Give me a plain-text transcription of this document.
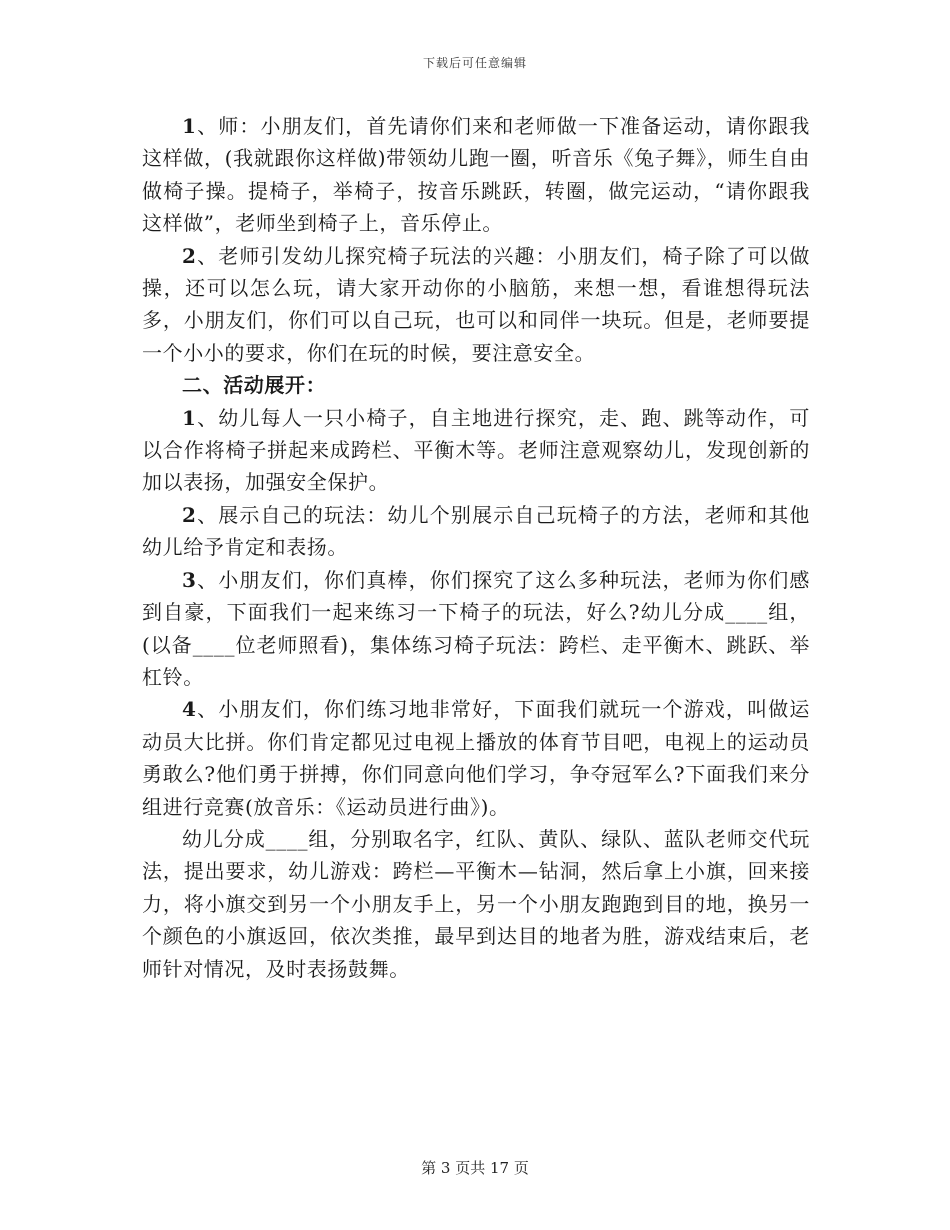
下载后可任意编辑

1、师：小朋友们，首先请你们来和老师做一下准备运动，请你跟我这样做，(我就跟你这样做)带领幼儿跑一圈，听音乐《兔子舞》，师生自由做椅子操。提椅子，举椅子，按音乐跳跃，转圈，做完运动，“请你跟我这样做”，老师坐到椅子上，音乐停止。

2、老师引发幼儿探究椅子玩法的兴趣：小朋友们，椅子除了可以做操，还可以怎么玩，请大家开动你的小脑筋，来想一想，看谁想得玩法多，小朋友们，你们可以自己玩，也可以和同伴一块玩。但是，老师要提一个小小的要求，你们在玩的时候，要注意安全。

二、活动展开：

1、幼儿每人一只小椅子，自主地进行探究，走、跑、跳等动作，可以合作将椅子拼起来成跨栏、平衡木等。老师注意观察幼儿，发现创新的加以表扬，加强安全保护。

2、展示自己的玩法：幼儿个别展示自己玩椅子的方法，老师和其他幼儿给予肯定和表扬。

3、小朋友们，你们真棒，你们探究了这么多种玩法，老师为你们感到自豪，下面我们一起来练习一下椅子的玩法，好么?幼儿分成____组，(以备____位老师照看)，集体练习椅子玩法：跨栏、走平衡木、跳跃、举杠铃。

4、小朋友们，你们练习地非常好，下面我们就玩一个游戏，叫做运动员大比拼。你们肯定都见过电视上播放的体育节目吧，电视上的运动员勇敢么?他们勇于拼搏，你们同意向他们学习，争夺冠军么?下面我们来分组进行竞赛(放音乐：《运动员进行曲》)。

幼儿分成____组，分别取名字，红队、黄队、绿队、蓝队老师交代玩法，提出要求，幼儿游戏：跨栏—平衡木—钻洞，然后拿上小旗，回来接力，将小旗交到另一个小朋友手上，另一个小朋友跑跑到目的地，换另一个颜色的小旗返回，依次类推，最早到达目的地者为胜，游戏结束后，老师针对情况，及时表扬鼓舞。

第 3 页共 17 页
